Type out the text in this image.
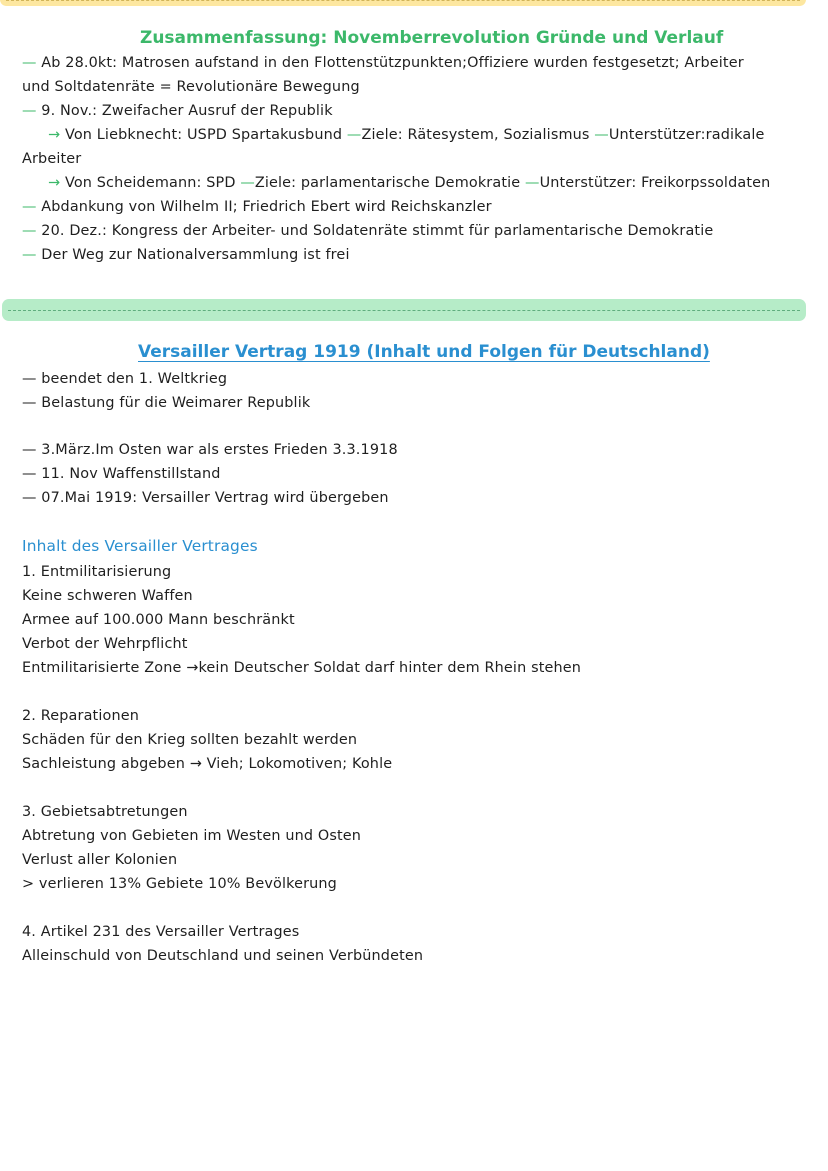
Zusammenfassung: Novemberrevolution Gründe und Verlauf
— Ab 28.0kt: Matrosen aufstand in den Flottenstützpunkten;Offiziere wurden festgesetzt; Arbeiter
und Soltdatenräte = Revolutionäre Bewegung
— 9. Nov.: Zweifacher Ausruf der Republik
→ Von Liebknecht: USPD Spartakusbund —Ziele: Rätesystem, Sozialismus —Unterstützer:radikale
Arbeiter
→ Von Scheidemann: SPD —Ziele: parlamentarische Demokratie —Unterstützer: Freikorpssoldaten
— Abdankung von Wilhelm II; Friedrich Ebert wird Reichskanzler
— 20. Dez.: Kongress der Arbeiter- und Soldatenräte stimmt für parlamentarische Demokratie
— Der Weg zur Nationalversammlung ist frei
Versailler Vertrag 1919 (Inhalt und Folgen für Deutschland)
— beendet den 1. Weltkrieg
— Belastung für die Weimarer Republik
— 3.März.Im Osten war als erstes Frieden 3.3.1918
— 11. Nov Waffenstillstand
— 07.Mai 1919: Versailler Vertrag wird übergeben
Inhalt des Versailler Vertrages
1. Entmilitarisierung
Keine schweren Waffen
Armee auf 100.000 Mann beschränkt
Verbot der Wehrpflicht
Entmilitarisierte Zone →kein Deutscher Soldat darf hinter dem Rhein stehen
2. Reparationen
Schäden für den Krieg sollten bezahlt werden
Sachleistung abgeben → Vieh; Lokomotiven; Kohle
3. Gebietsabtretungen
Abtretung von Gebieten im Westen und Osten
Verlust aller Kolonien
> verlieren 13% Gebiete 10% Bevölkerung
4. Artikel 231 des Versailler Vertrages
Alleinschuld von Deutschland und seinen Verbündeten
